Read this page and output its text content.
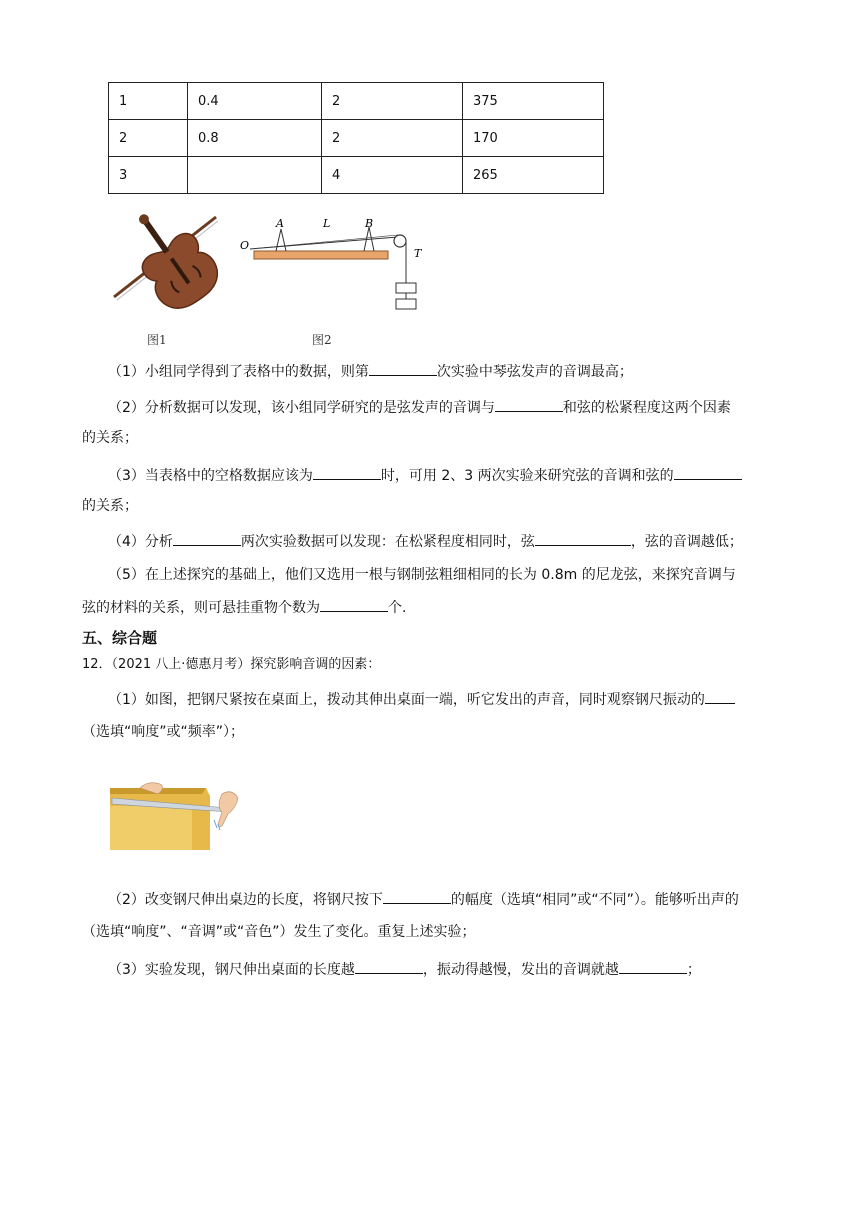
1	0.4	2	375
2	0.8	2	170
3		4	265
O
A	L	B
T
图1	图2
（1）小组同学得到了表格中的数据，则第	次实验中琴弦发声的音调最高；
（2）分析数据可以发现，该小组同学研究的是弦发声的音调与	和弦的松紧程度这两个因素
的关系；
（3）当表格中的空格数据应该为	时，可用 2、3 两次实验来研究弦的音调和弦的
的关系；
（4）分析	两次实验数据可以发现：在松紧程度相同时，弦	，弦的音调越低；
（5）在上述探究的基础上，他们又选用一根与钢制弦粗细相同的长为 0.8m 的尼龙弦，来探究音调与
弦的材料的关系，则可悬挂重物个数为	个.
五、综合题
12．（2021 八上·德惠月考）探究影响音调的因素：
（1）如图，把钢尺紧按在桌面上，拨动其伸出桌面一端，听它发出的声音，同时观察钢尺振动的
（选填“响度”或“频率”）；
（2）改变钢尺伸出桌边的长度，将钢尺按下	的幅度（选填“相同”或“不同”）。能够听出声的
（选填“响度”、“音调”或“音色”）发生了变化。重复上述实验；
（3）实验发现，钢尺伸出桌面的长度越	，振动得越慢，发出的音调就越	；
